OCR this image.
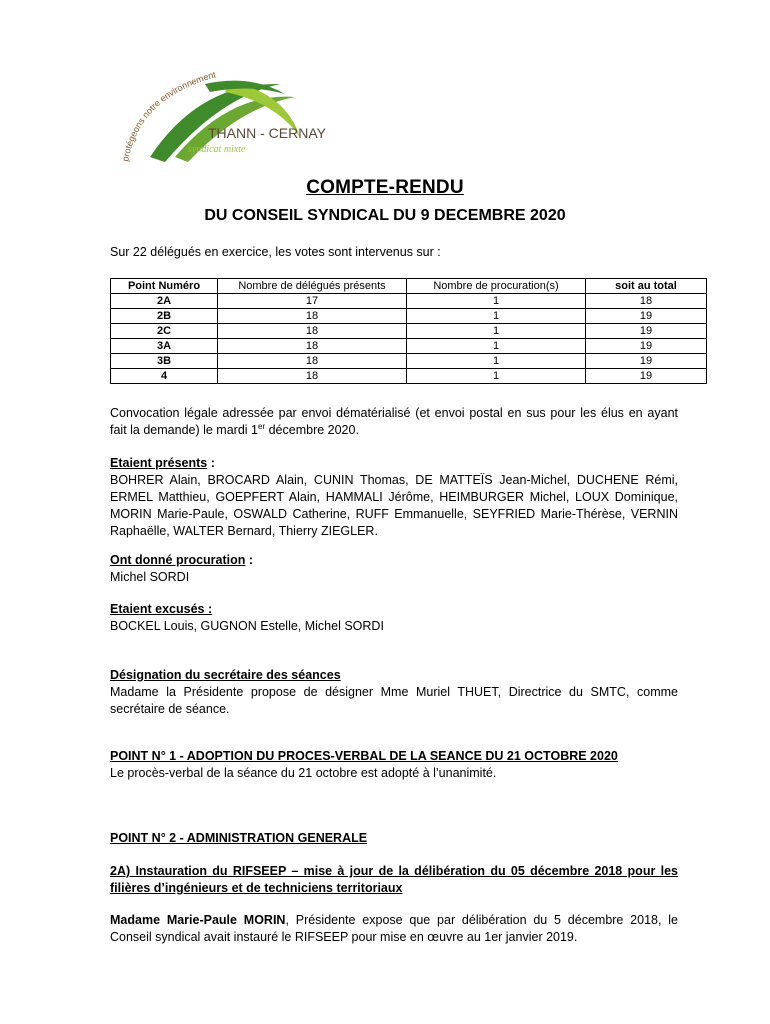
protégeons notre environnement
THANN - CERNAY
syndicat mixte
COMPTE-RENDU
DU CONSEIL SYNDICAL DU 9 DECEMBRE 2020
Sur 22 délégués en exercice, les votes sont intervenus sur :
Point Numéro	Nombre de délégués présents	Nombre de procuration(s)	soit au total
2A	17	1	18
2B	18	1	19
2C	18	1	19
3A	18	1	19
3B	18	1	19
4	18	1	19
Convocation légale adressée par envoi dématérialisé (et envoi postal en sus pour les élus en ayant fait la demande) le mardi 1er décembre 2020.
Etaient présents :
BOHRER Alain, BROCARD Alain, CUNIN Thomas, DE MATTEÏS Jean-Michel, DUCHENE Rémi, ERMEL Matthieu, GOEPFERT Alain, HAMMALI Jérôme, HEIMBURGER Michel, LOUX Dominique, MORIN Marie-Paule, OSWALD Catherine, RUFF Emmanuelle, SEYFRIED Marie-Thérèse, VERNIN Raphaëlle, WALTER Bernard, Thierry ZIEGLER.
Ont donné procuration :
Michel SORDI
Etaient excusés :
BOCKEL Louis, GUGNON Estelle, Michel SORDI
Désignation du secrétaire des séances
Madame la Présidente propose de désigner Mme Muriel THUET, Directrice du SMTC, comme secrétaire de séance.
POINT N° 1 - ADOPTION DU PROCES-VERBAL DE LA SEANCE DU 21 OCTOBRE 2020
Le procès-verbal de la séance du 21 octobre est adopté à l’unanimité.
POINT N° 2 - ADMINISTRATION GENERALE
2A) Instauration du RIFSEEP – mise à jour de la délibération du 05 décembre 2018 pour les filières d’ingénieurs et de techniciens territoriaux
Madame Marie-Paule MORIN, Présidente expose que par délibération du 5 décembre 2018, le Conseil syndical avait instauré le RIFSEEP pour mise en œuvre au 1er janvier 2019.
